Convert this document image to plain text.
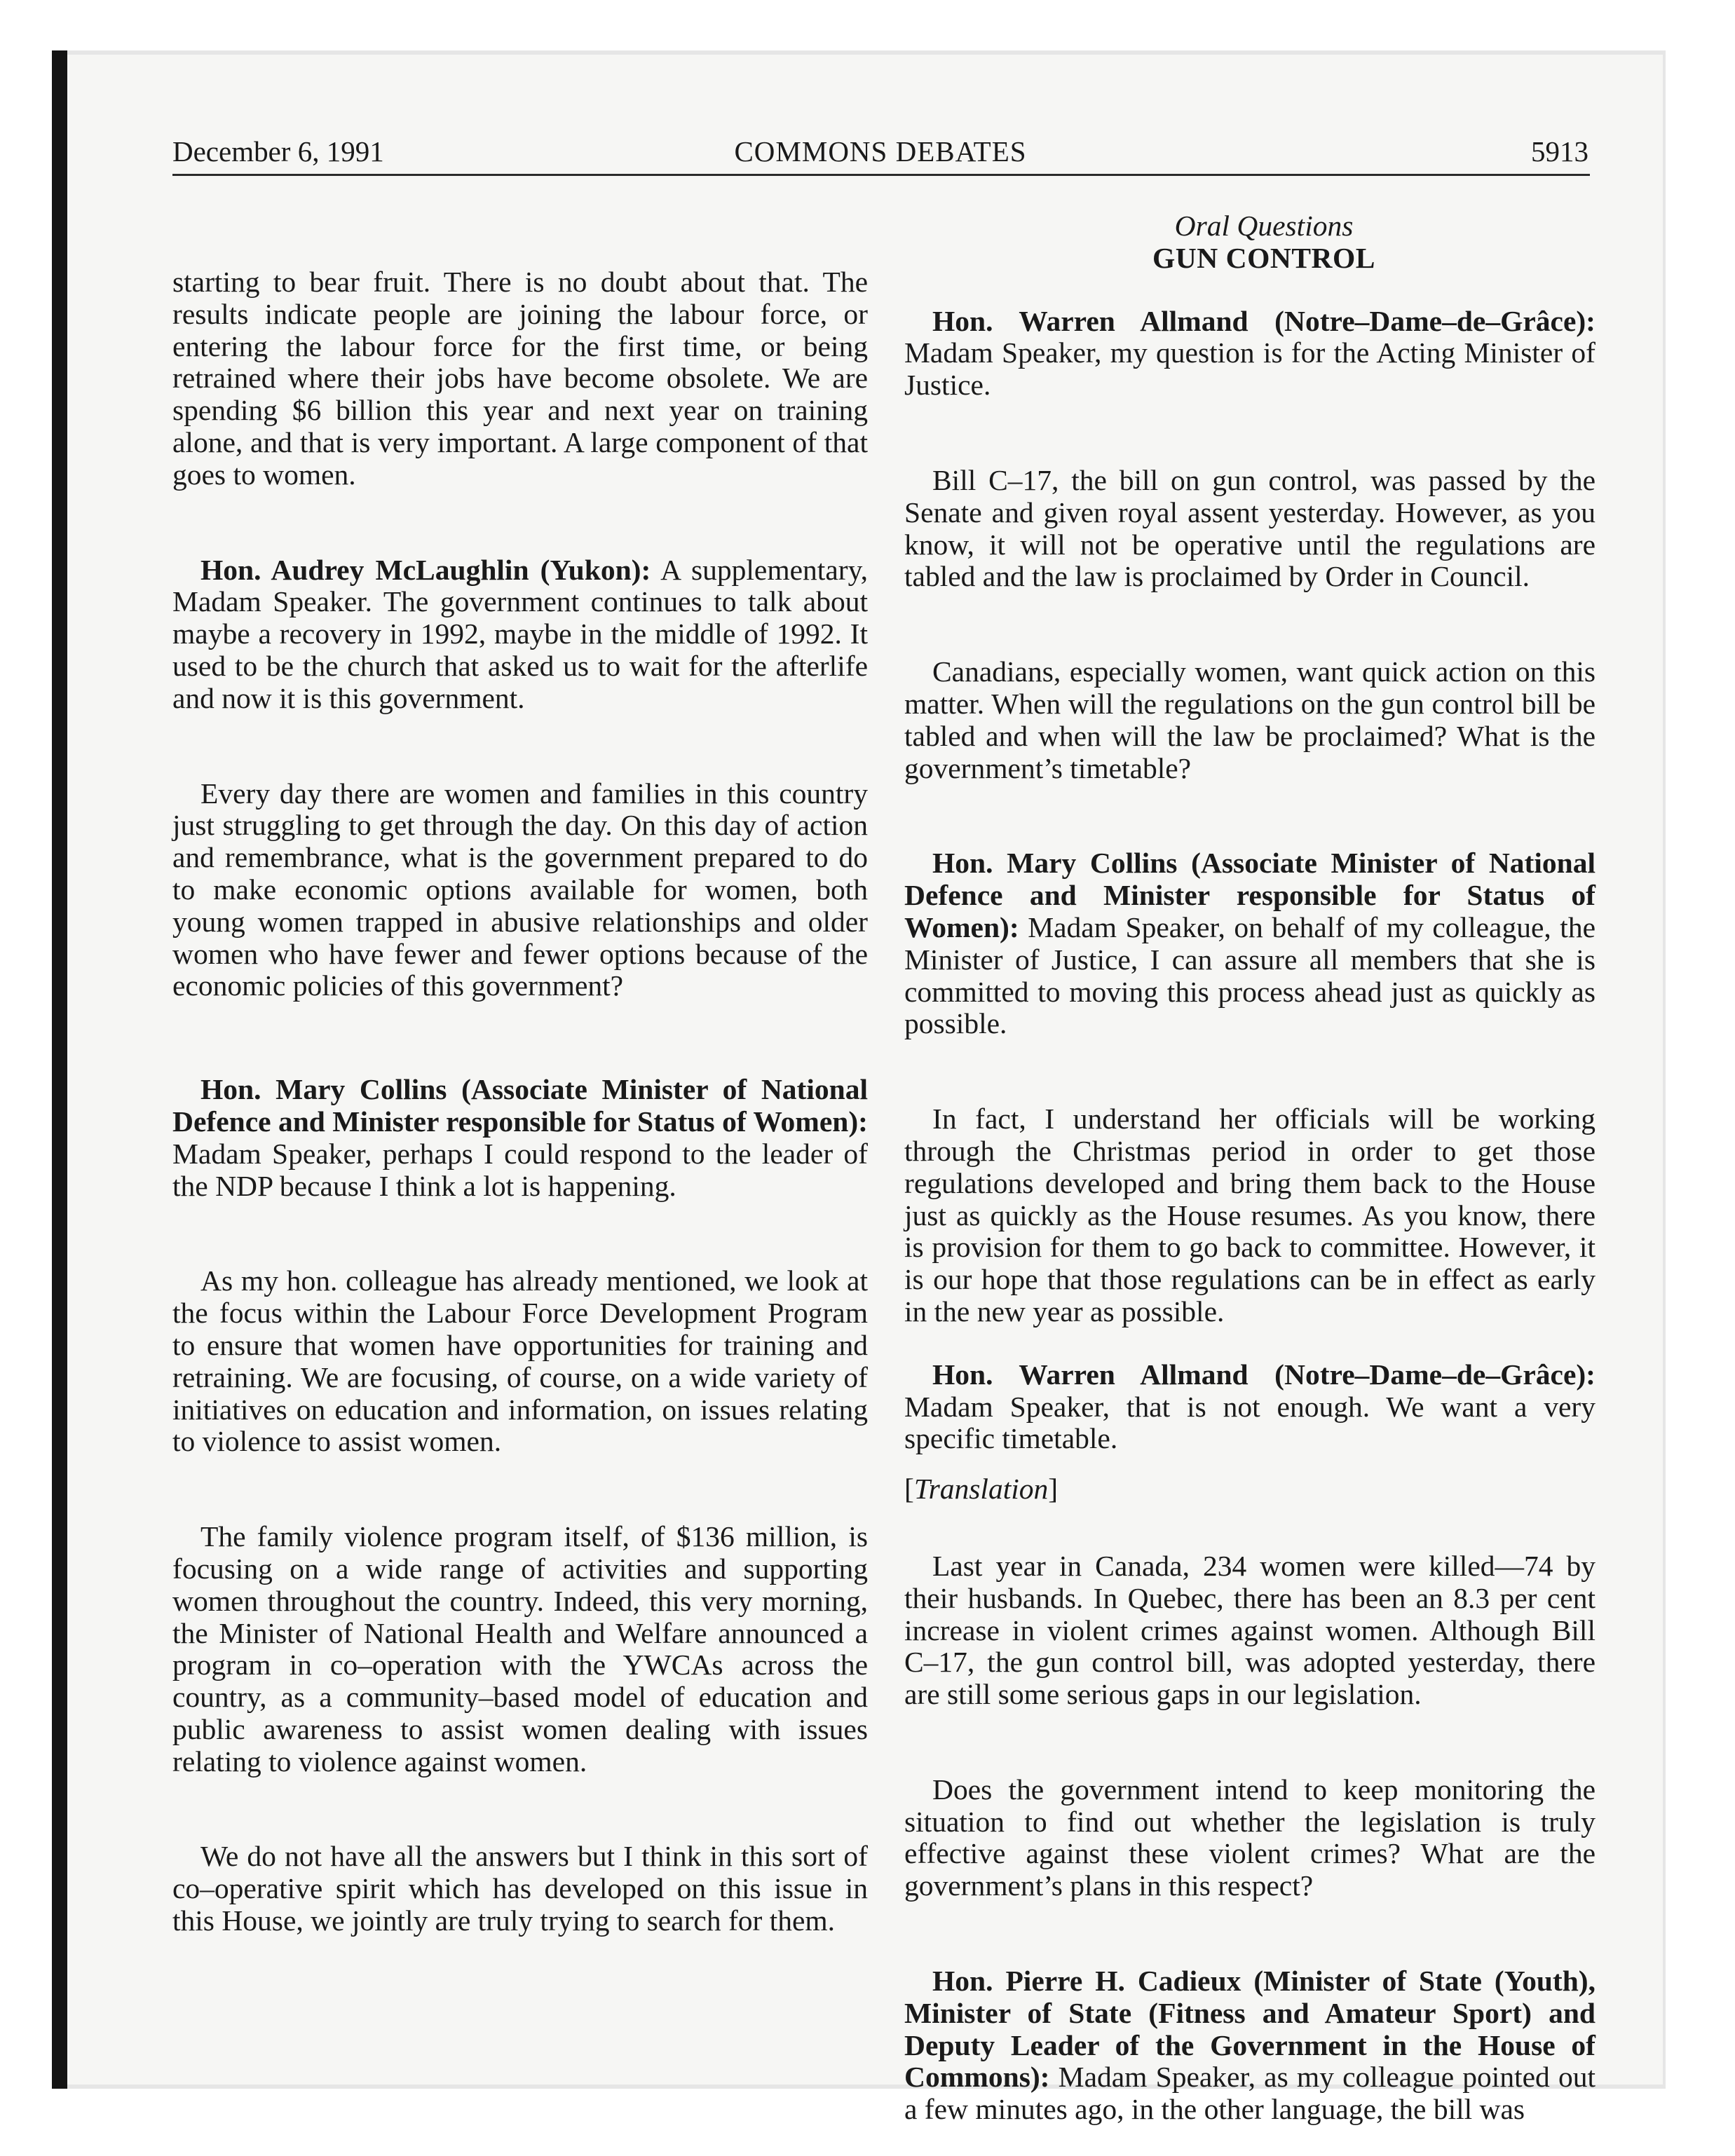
COMMONS DEBATES
December 6, 1991	5913

starting to bear fruit. There is no doubt about that. The results indicate people are joining the labour force, or entering the labour force for the first time, or being retrained where their jobs have become obsolete. We are spending $6 billion this year and next year on training alone, and that is very important. A large component of that goes to women.

Hon. Audrey McLaughlin (Yukon): A supplementary, Madam Speaker. The government continues to talk about maybe a recovery in 1992, maybe in the middle of 1992. It used to be the church that asked us to wait for the afterlife and now it is this government.

Every day there are women and families in this country just struggling to get through the day. On this day of action and remembrance, what is the government prepared to do to make economic options available for women, both young women trapped in abusive relationships and older women who have fewer and fewer options because of the economic policies of this government?

Hon. Mary Collins (Associate Minister of National Defence and Minister responsible for Status of Women): Madam Speaker, perhaps I could respond to the leader of the NDP because I think a lot is happening.

As my hon. colleague has already mentioned, we look at the focus within the Labour Force Development Program to ensure that women have opportunities for training and retraining. We are focusing, of course, on a wide variety of initiatives on education and information, on issues relating to violence to assist women.

The family violence program itself, of $136 million, is focusing on a wide range of activities and supporting women throughout the country. Indeed, this very morning, the Minister of National Health and Welfare announced a program in co–operation with the YWCAs across the country, as a community–based model of education and public awareness to assist women dealing with issues relating to violence against women.

We do not have all the answers but I think in this sort of co–operative spirit which has developed on this issue in this House, we jointly are truly trying to search for them.

Oral Questions

GUN CONTROL

Hon. Warren Allmand (Notre–Dame–de–Grâce): Madam Speaker, my question is for the Acting Minister of Justice.

Bill C–17, the bill on gun control, was passed by the Senate and given royal assent yesterday. However, as you know, it will not be operative until the regulations are tabled and the law is proclaimed by Order in Council.

Canadians, especially women, want quick action on this matter. When will the regulations on the gun control bill be tabled and when will the law be proclaimed? What is the government’s timetable?

Hon. Mary Collins (Associate Minister of National Defence and Minister responsible for Status of Women): Madam Speaker, on behalf of my colleague, the Minister of Justice, I can assure all members that she is committed to moving this process ahead just as quickly as possible.

In fact, I understand her officials will be working through the Christmas period in order to get those regulations developed and bring them back to the House just as quickly as the House resumes. As you know, there is provision for them to go back to committee. However, it is our hope that those regulations can be in effect as early in the new year as possible.

Hon. Warren Allmand (Notre–Dame–de–Grâce): Madam Speaker, that is not enough. We want a very specific timetable.

[Translation]

Last year in Canada, 234 women were killed—74 by their husbands. In Quebec, there has been an 8.3 per cent increase in violent crimes against women. Although Bill C–17, the gun control bill, was adopted yesterday, there are still some serious gaps in our legislation.

Does the government intend to keep monitoring the situation to find out whether the legislation is truly effective against these violent crimes? What are the government’s plans in this respect?

Hon. Pierre H. Cadieux (Minister of State (Youth), Minister of State (Fitness and Amateur Sport) and Deputy Leader of the Government in the House of Commons): Madam Speaker, as my colleague pointed out a few minutes ago, in the other language, the bill was
